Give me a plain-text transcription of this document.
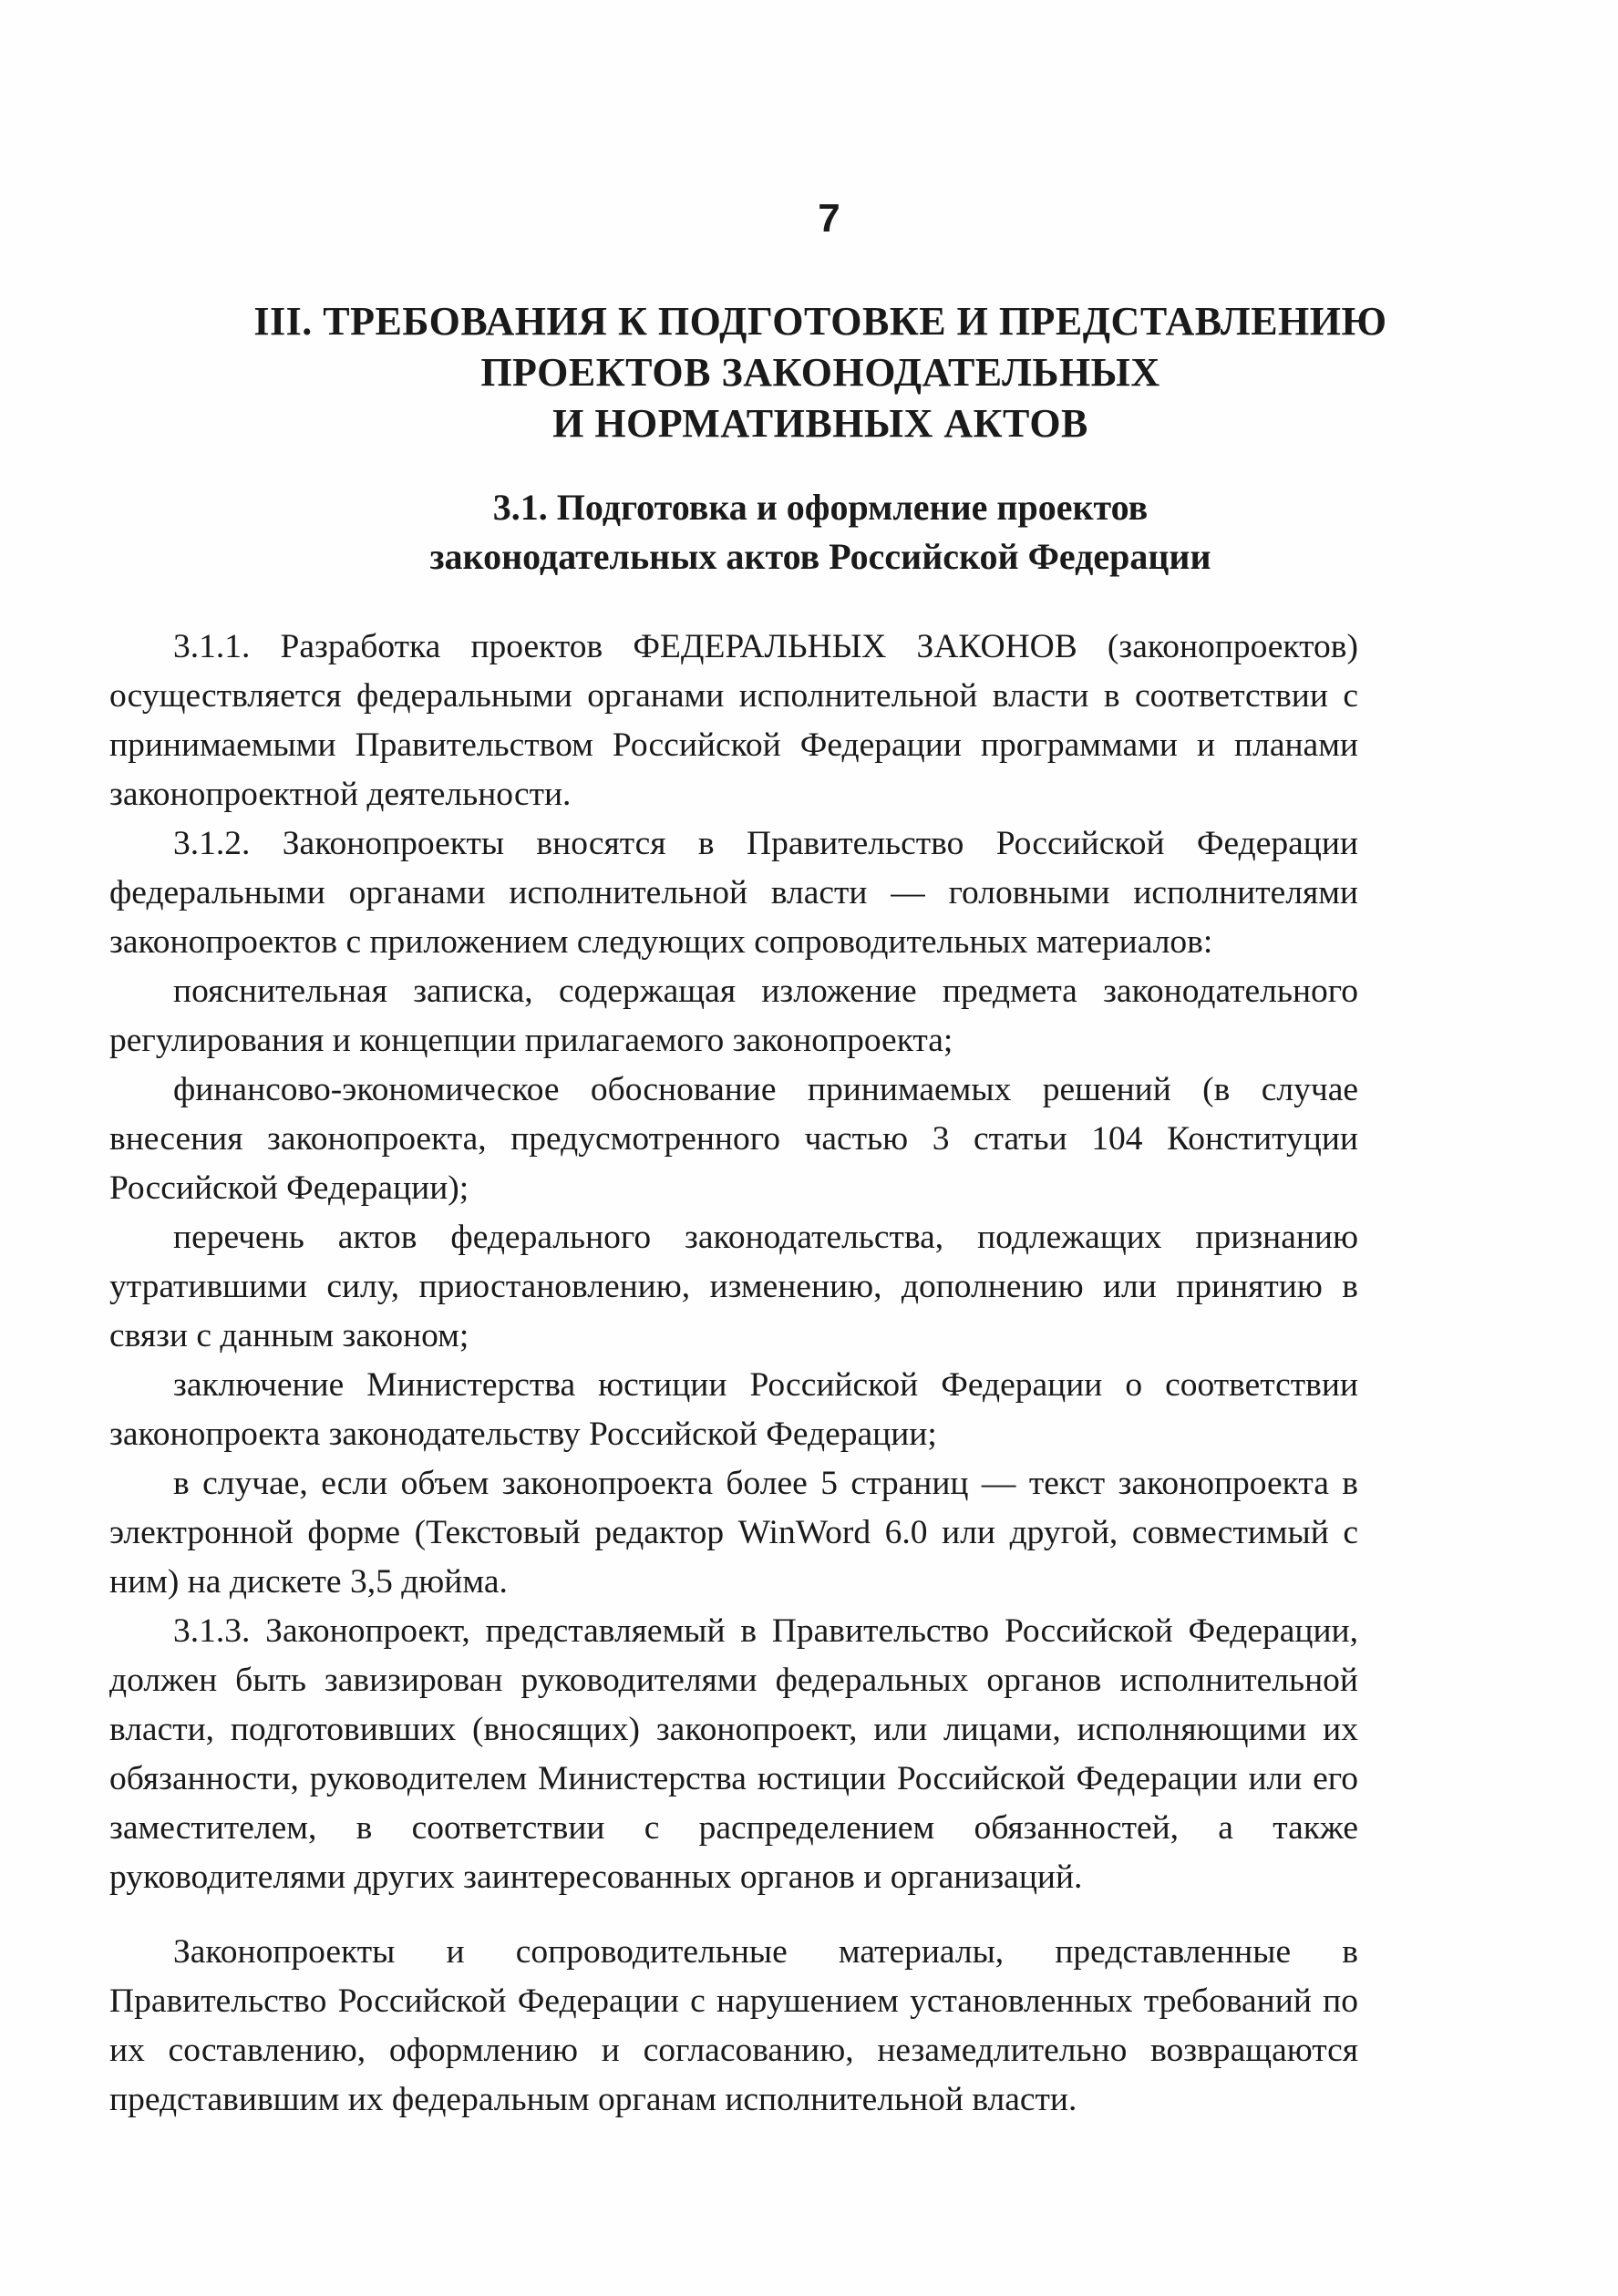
7
III. ТРЕБОВАНИЯ К ПОДГОТОВКЕ И ПРЕДСТАВЛЕНИЮ
ПРОЕКТОВ ЗАКОНОДАТЕЛЬНЫХ
И НОРМАТИВНЫХ АКТОВ
3.1. Подготовка и оформление проектов
законодательных актов Российской Федерации

3.1.1. Разработка проектов ФЕДЕРАЛЬНЫХ ЗАКОНОВ (законопроектов) осуществляется федеральными органами исполнительной власти в соответствии с принимаемыми Правительством Российской Федерации программами и планами законопроектной деятельности.

3.1.2. Законопроекты вносятся в Правительство Российской Федерации федеральными органами исполнительной власти — головными исполнителями законопроектов с приложением следующих сопроводительных материалов:

пояснительная записка, содержащая изложение предмета законодательного регулирования и концепции прилагаемого законопроекта;

финансово-экономическое обоснование принимаемых решений (в случае внесения законопроекта, предусмотренного частью 3 статьи 104 Конституции Российской Федерации);

перечень актов федерального законодательства, подлежащих признанию утратившими силу, приостановлению, изменению, дополнению или принятию в связи с данным законом;

заключение Министерства юстиции Российской Федерации о соответствии законопроекта законодательству Российской Федерации;

в случае, если объем законопроекта более 5 страниц — текст законопроекта в электронной форме (Текстовый редактор WinWord 6.0 или другой, совместимый с ним) на дискете 3,5 дюйма.

3.1.3. Законопроект, представляемый в Правительство Российской Федерации, должен быть завизирован руководителями федеральных органов исполнительной власти, подготовивших (вносящих) законопроект, или лицами, исполняющими их обязанности, руководителем Министерства юстиции Российской Федерации или его заместителем, в соответствии с распределением обязанностей, а также руководителями других заинтересованных органов и организаций.

Законопроекты и сопроводительные материалы, представленные в Правительство Российской Федерации с нарушением установленных требований по их составлению, оформлению и согласованию, незамедлительно возвращаются представившим их федеральным органам исполнительной власти.
